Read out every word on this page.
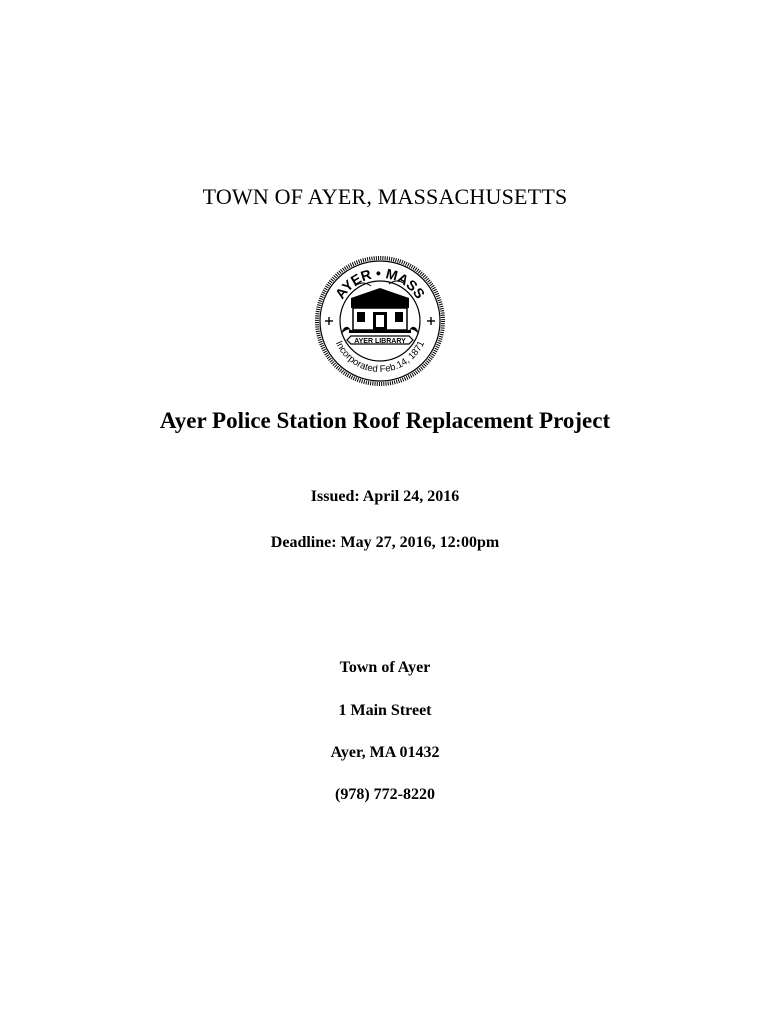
TOWN OF AYER, MASSACHUSETTS
AYER • MASS
Incorporated Feb.14, 1871
AYER LIBRARY
Ayer Police Station Roof Replacement Project
Issued: April 24, 2016
Deadline: May 27, 2016, 12:00pm
Town of Ayer
1 Main Street
Ayer, MA 01432
(978) 772-8220
